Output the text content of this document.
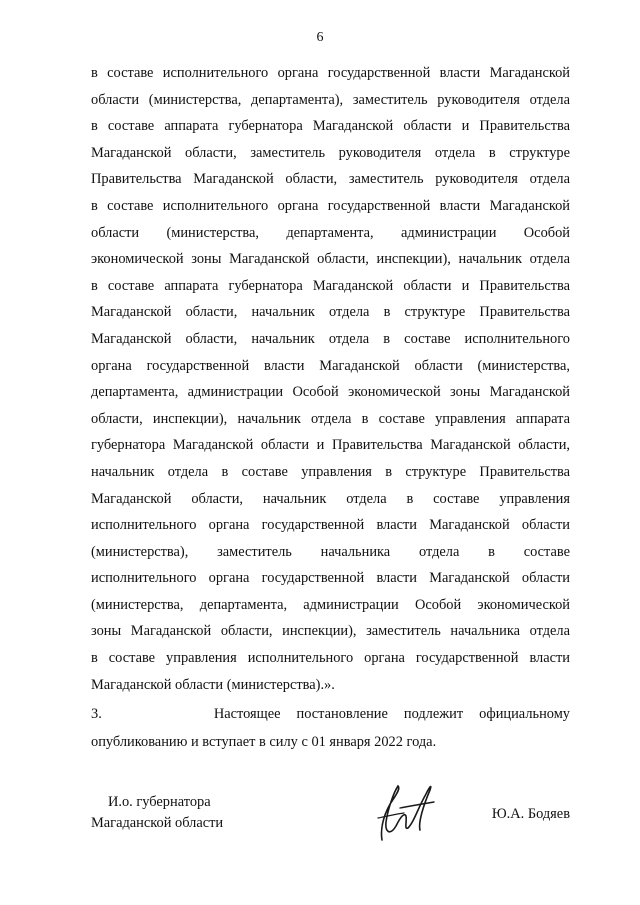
6
в составе исполнительного органа государственной власти Магаданской
области (министерства, департамента), заместитель руководителя отдела
в составе аппарата губернатора Магаданской области и Правительства
Магаданской области, заместитель руководителя отдела в структуре
Правительства Магаданской области, заместитель руководителя отдела
в составе исполнительного органа государственной власти Магаданской
области (министерства, департамента, администрации Особой
экономической зоны Магаданской области, инспекции), начальник отдела
в составе аппарата губернатора Магаданской области и Правительства
Магаданской области, начальник отдела в структуре Правительства
Магаданской области, начальник отдела в составе исполнительного
органа государственной власти Магаданской области (министерства,
департамента, администрации Особой экономической зоны Магаданской
области, инспекции), начальник отдела в составе управления аппарата
губернатора Магаданской области и Правительства Магаданской области,
начальник отдела в составе управления в структуре Правительства
Магаданской области, начальник отдела в составе управления
исполнительного органа государственной власти Магаданской области
(министерства), заместитель начальника отдела в составе
исполнительного органа государственной власти Магаданской области
(министерства, департамента, администрации Особой экономической
зоны Магаданской области, инспекции), заместитель начальника отдела
в составе управления исполнительного органа государственной власти
Магаданской области (министерства).».
3.       Настоящее постановление подлежит официальному
опубликованию и вступает в силу с 01 января 2022 года.
И.о. губернатора
Магаданской области
Ю.А. Бодяев
